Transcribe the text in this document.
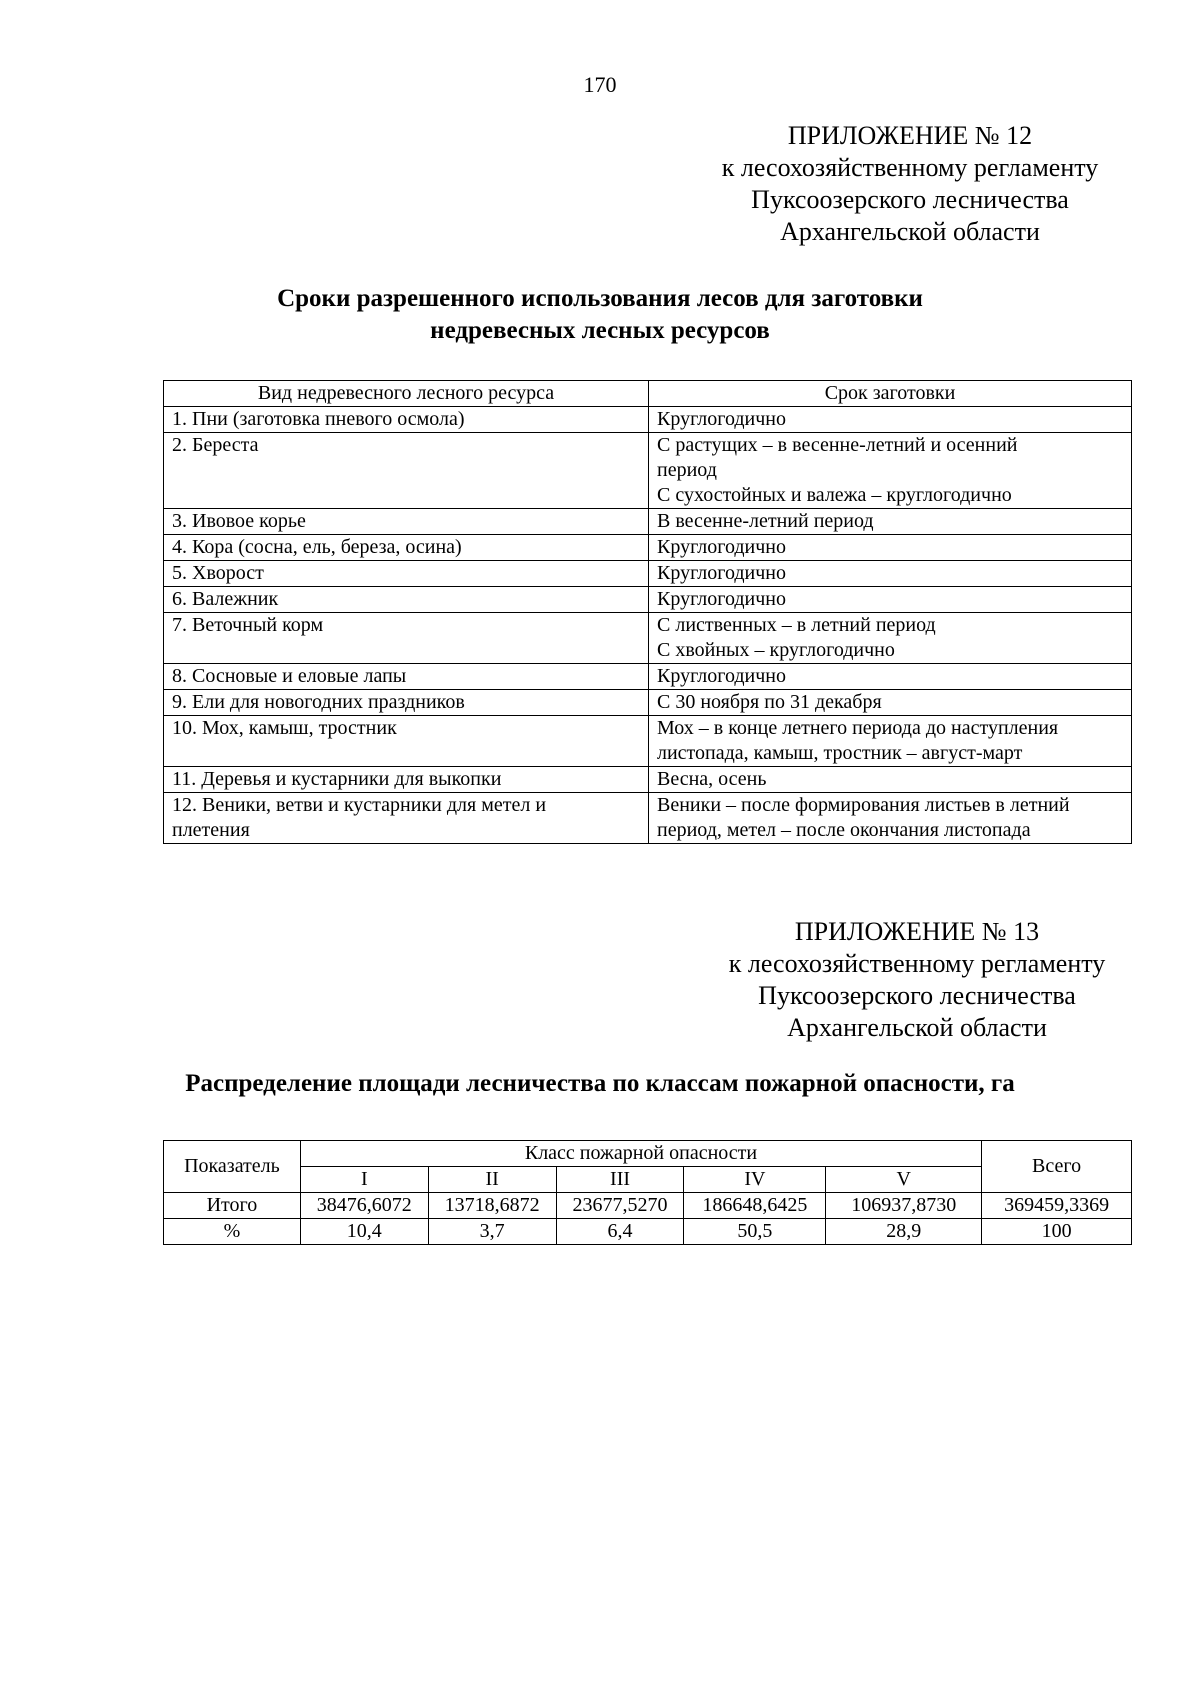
170
ПРИЛОЖЕНИЕ № 12
к лесохозяйственному регламенту
Пуксоозерского лесничества
Архангельской области
Сроки разрешенного использования лесов для заготовки
недревесных лесных ресурсов
Вид недревесного лесного ресурса	Срок заготовки

1. Пни (заготовка пневого осмола)	Круглогодично

2. Береста	С растущих – в весенне-летний и осенний
период
С сухостойных и валежа – круглогодично

3. Ивовое корье	В весенне-летний период

4. Кора (сосна, ель, береза, осина)	Круглогодично

5. Хворост	Круглогодично

6. Валежник	Круглогодично

7. Веточный корм	С лиственных – в летний период
С хвойных – круглогодично

8. Сосновые и еловые лапы	Круглогодично

9. Ели для новогодних праздников	С 30 ноября по 31 декабря

10. Мох, камыш, тростник	Мох – в конце летнего периода до наступления
листопада, камыш, тростник – август-март

11. Деревья и кустарники для выкопки	Весна, осень

12. Веники, ветви и кустарники для метел и
плетения	Веники – после формирования листьев в летний
период, метел – после окончания листопада
ПРИЛОЖЕНИЕ № 13
к лесохозяйственному регламенту
Пуксоозерского лесничества
Архангельской области
Распределение площади лесничества по классам пожарной опасности, га
Показатель	Класс пожарной опасности					Всего
	I	II	III	IV	V	
Итого	38476,6072	13718,6872	23677,5270	186648,6425	106937,8730	369459,3369
%	10,4	3,7	6,4	50,5	28,9	100
